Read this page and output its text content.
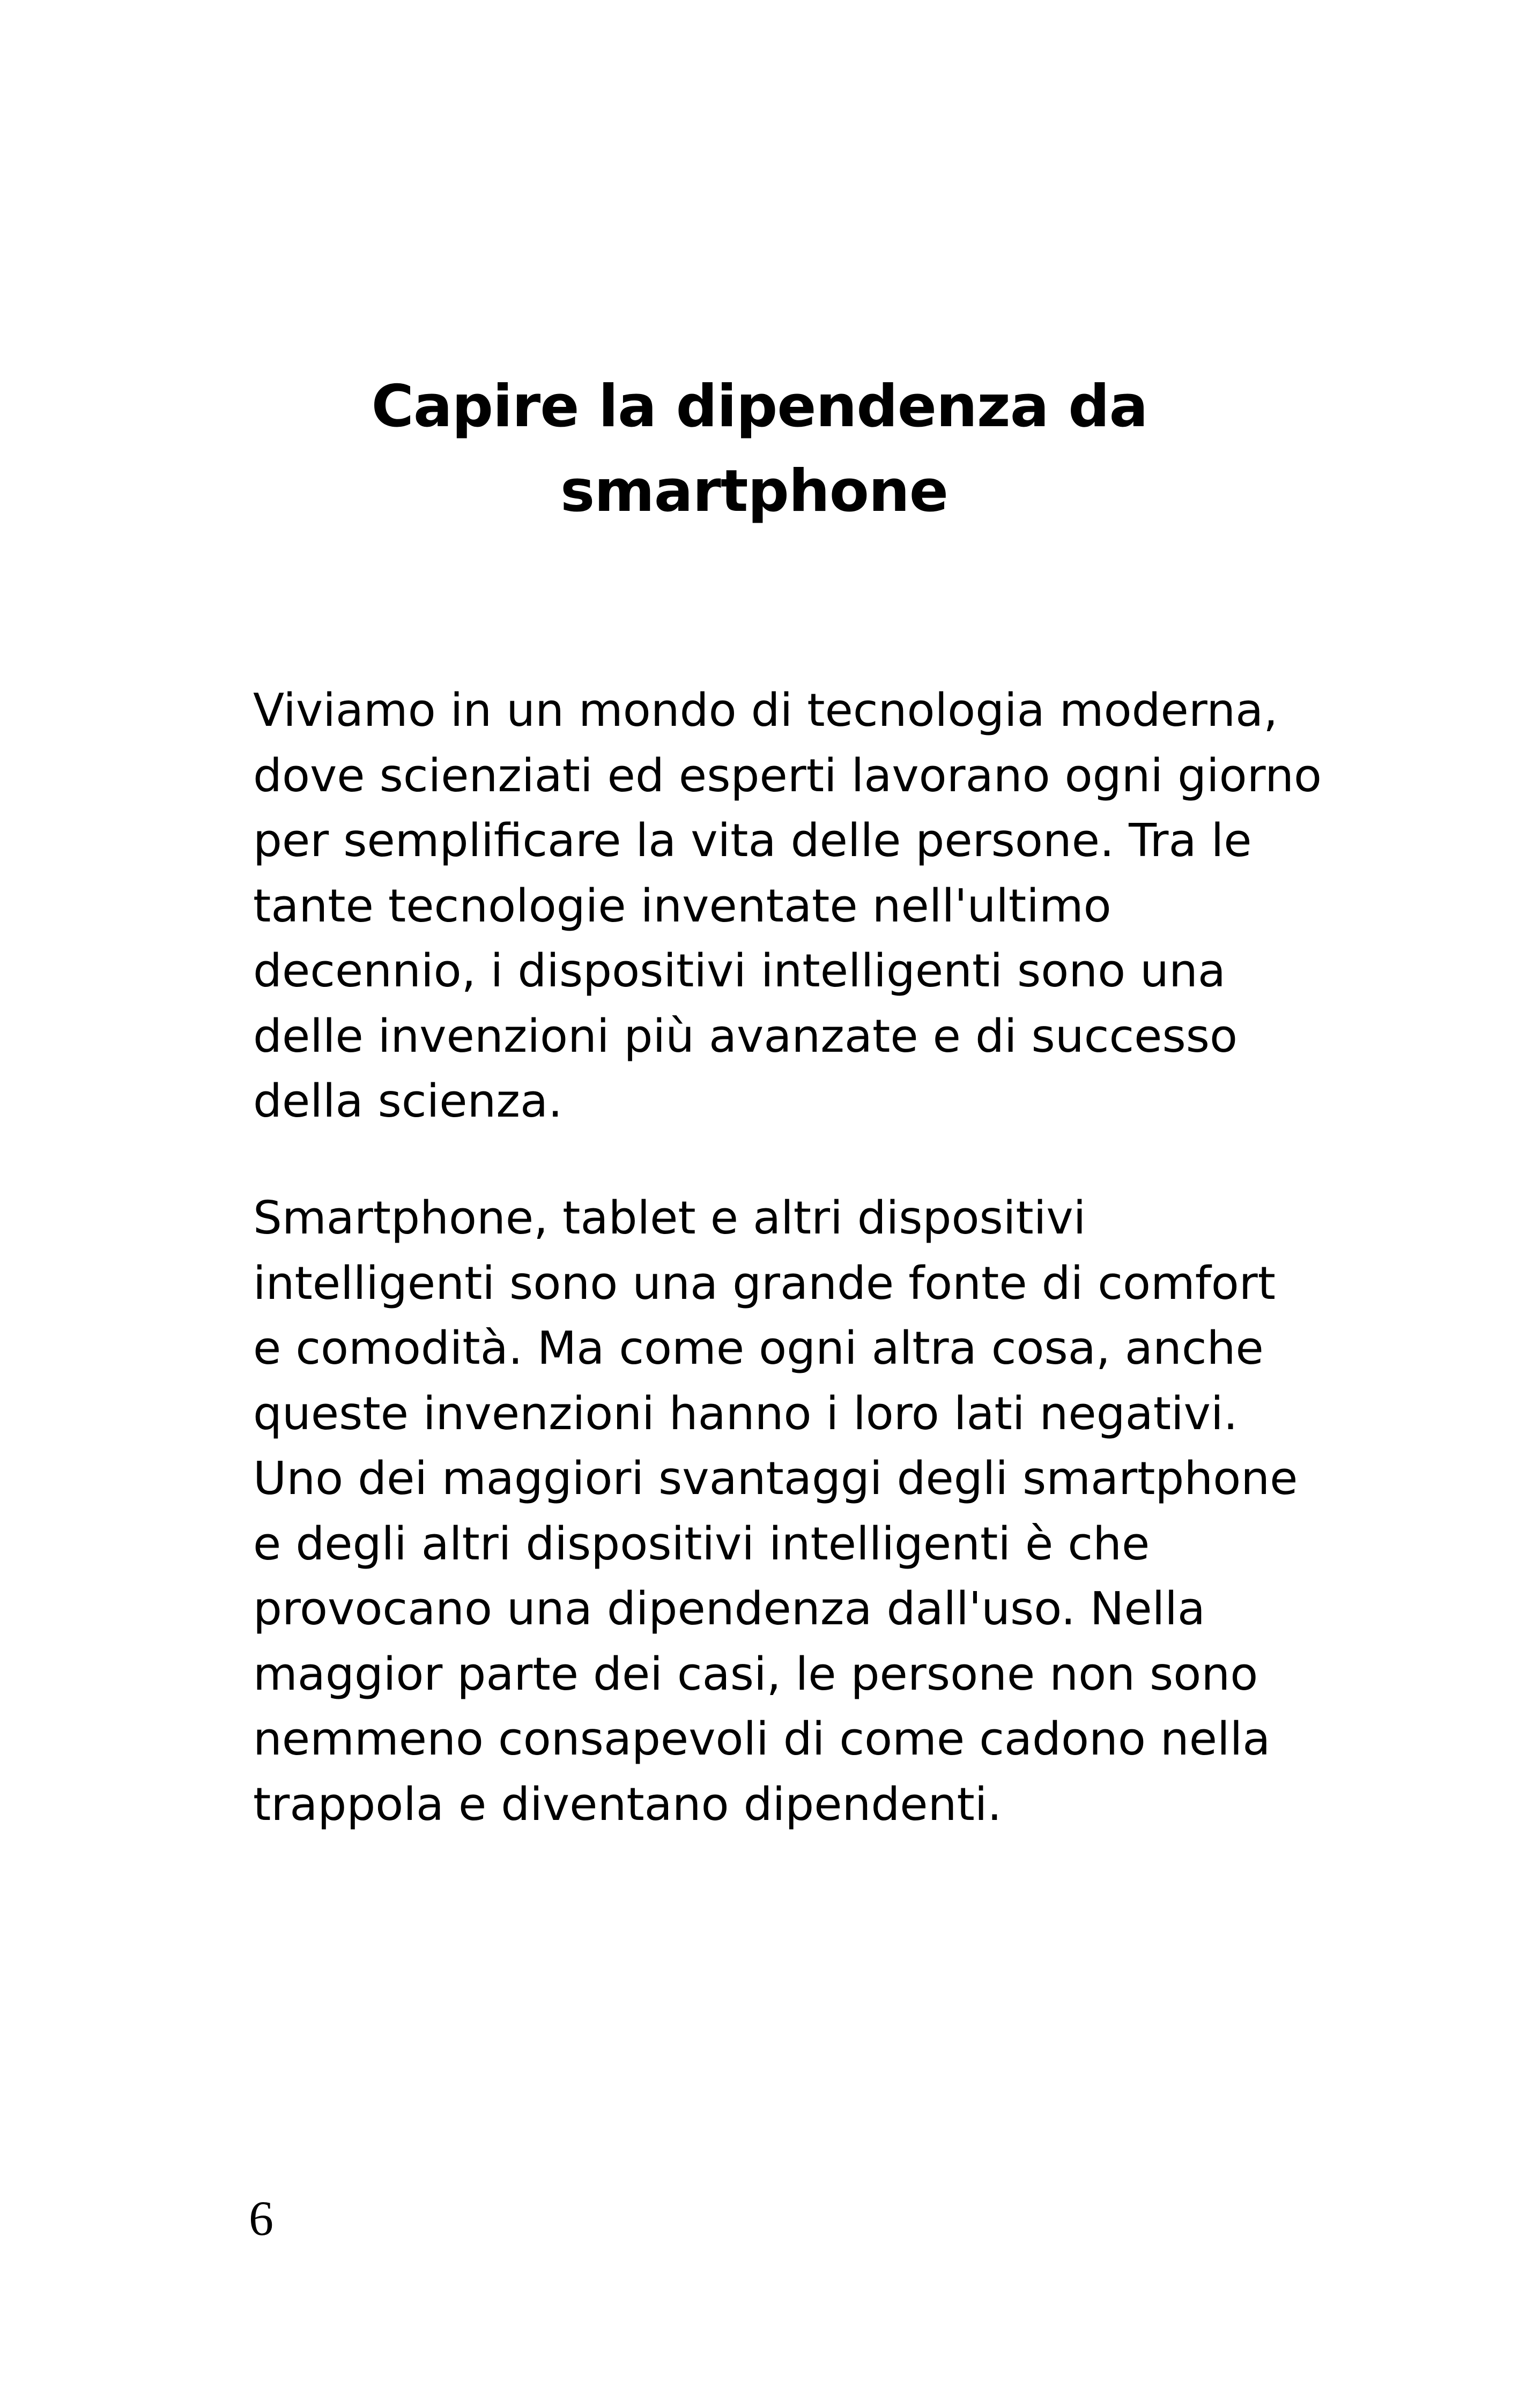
Capire la dipendenza da
smartphone

Viviamo in un mondo di tecnologia moderna,
dove scienziati ed esperti lavorano ogni giorno
per semplificare la vita delle persone. Tra le
tante tecnologie inventate nell'ultimo
decennio, i dispositivi intelligenti sono una
delle invenzioni più avanzate e di successo
della scienza.

Smartphone, tablet e altri dispositivi
intelligenti sono una grande fonte di comfort
e comodità. Ma come ogni altra cosa, anche
queste invenzioni hanno i loro lati negativi.
Uno dei maggiori svantaggi degli smartphone
e degli altri dispositivi intelligenti è che
provocano una dipendenza dall'uso. Nella
maggior parte dei casi, le persone non sono
nemmeno consapevoli di come cadono nella
trappola e diventano dipendenti.

6
